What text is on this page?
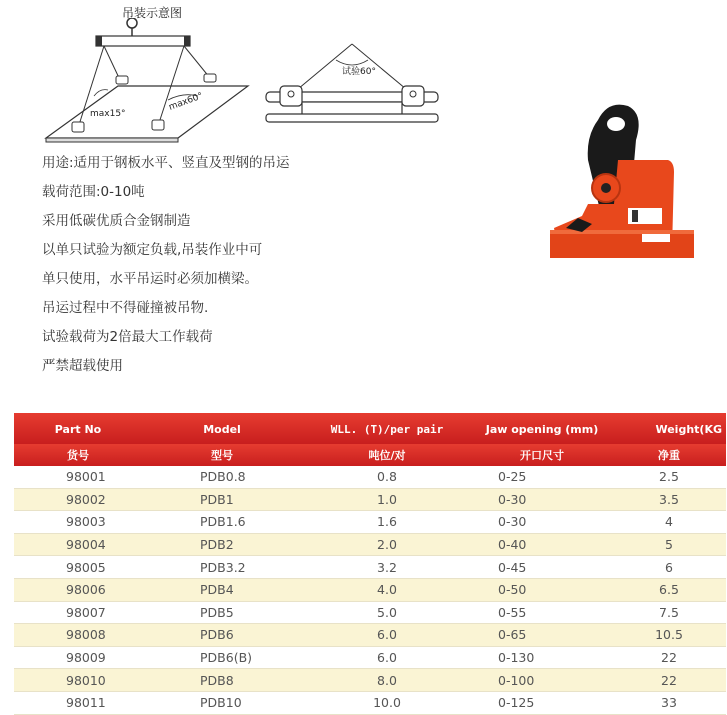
吊装示意图
max15°
max60°
试验60°
用途:适用于钢板水平、竖直及型钢的吊运
载荷范围:0-10吨
采用低碳优质合金钢制造
以单只试验为额定负载,吊装作业中可
单只使用，水平吊运时必须加横梁。
吊运过程中不得碰撞被吊物.
试验载荷为2倍最大工作载荷
严禁超载使用
Part No	Model	WLL. (T)/per pair	Jaw opening (mm)	Weight(KG
货号	型号	吨位/对	开口尺寸	净重
98001	PDB0.8	0.8	0-25	2.5
98002	PDB1	1.0	0-30	3.5
98003	PDB1.6	1.6	0-30	4
98004	PDB2	2.0	0-40	5
98005	PDB3.2	3.2	0-45	6
98006	PDB4	4.0	0-50	6.5
98007	PDB5	5.0	0-55	7.5
98008	PDB6	6.0	0-65	10.5
98009	PDB6(B)	6.0	0-130	22
98010	PDB8	8.0	0-100	22
98011	PDB10	10.0	0-125	33
